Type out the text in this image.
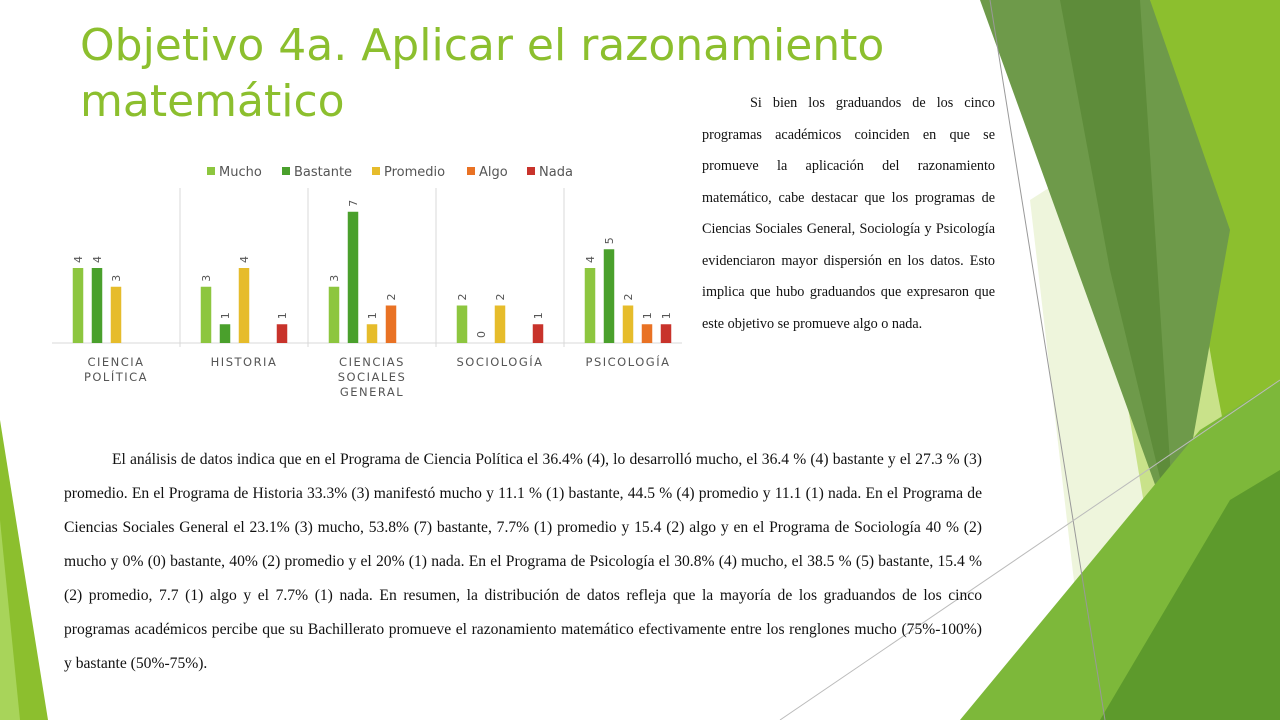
Objetivo 4a. Aplicar el razonamiento matemático
Mucho Bastante Promedio	Algo Nada
4 4
3
CIENCIA
POLÍTICA
3
1
4
1
HISTORIA
3
7
1
2
CIENCIAS
SOCIALES
GENERAL
2
0
2
1
SOCIOLOGÍA
4
5
2
1 1
PSICOLOGÍA

Si bien los graduandos de los cinco programas académicos coinciden en que se promueve la aplicación del razonamiento matemático, cabe destacar que los programas de Ciencias Sociales General, Sociología y Psicología evidenciaron mayor dispersión en los datos. Esto implica que hubo graduandos que expresaron que este objetivo se promueve algo o nada.

El análisis de datos indica que en el Programa de Ciencia Política el 36.4% (4), lo desarrolló mucho, el 36.4 % (4) bastante y el 27.3 % (3) promedio. En el Programa de Historia 33.3% (3) manifestó mucho y 11.1 % (1) bastante, 44.5 % (4) promedio y 11.1 (1) nada. En el Programa de Ciencias Sociales General el 23.1% (3) mucho, 53.8% (7) bastante, 7.7% (1) promedio y 15.4 (2) algo y en el Programa de Sociología 40 % (2) mucho y 0% (0) bastante, 40% (2) promedio y el 20% (1) nada. En el Programa de Psicología el 30.8% (4) mucho, el 38.5 % (5) bastante, 15.4 % (2) promedio, 7.7 (1) algo y el 7.7% (1) nada. En resumen, la distribución de datos refleja que la mayoría de los graduandos de los cinco programas académicos percibe que su Bachillerato promueve el razonamiento matemático efectivamente entre los renglones mucho (75%-100%) y bastante (50%-75%).
